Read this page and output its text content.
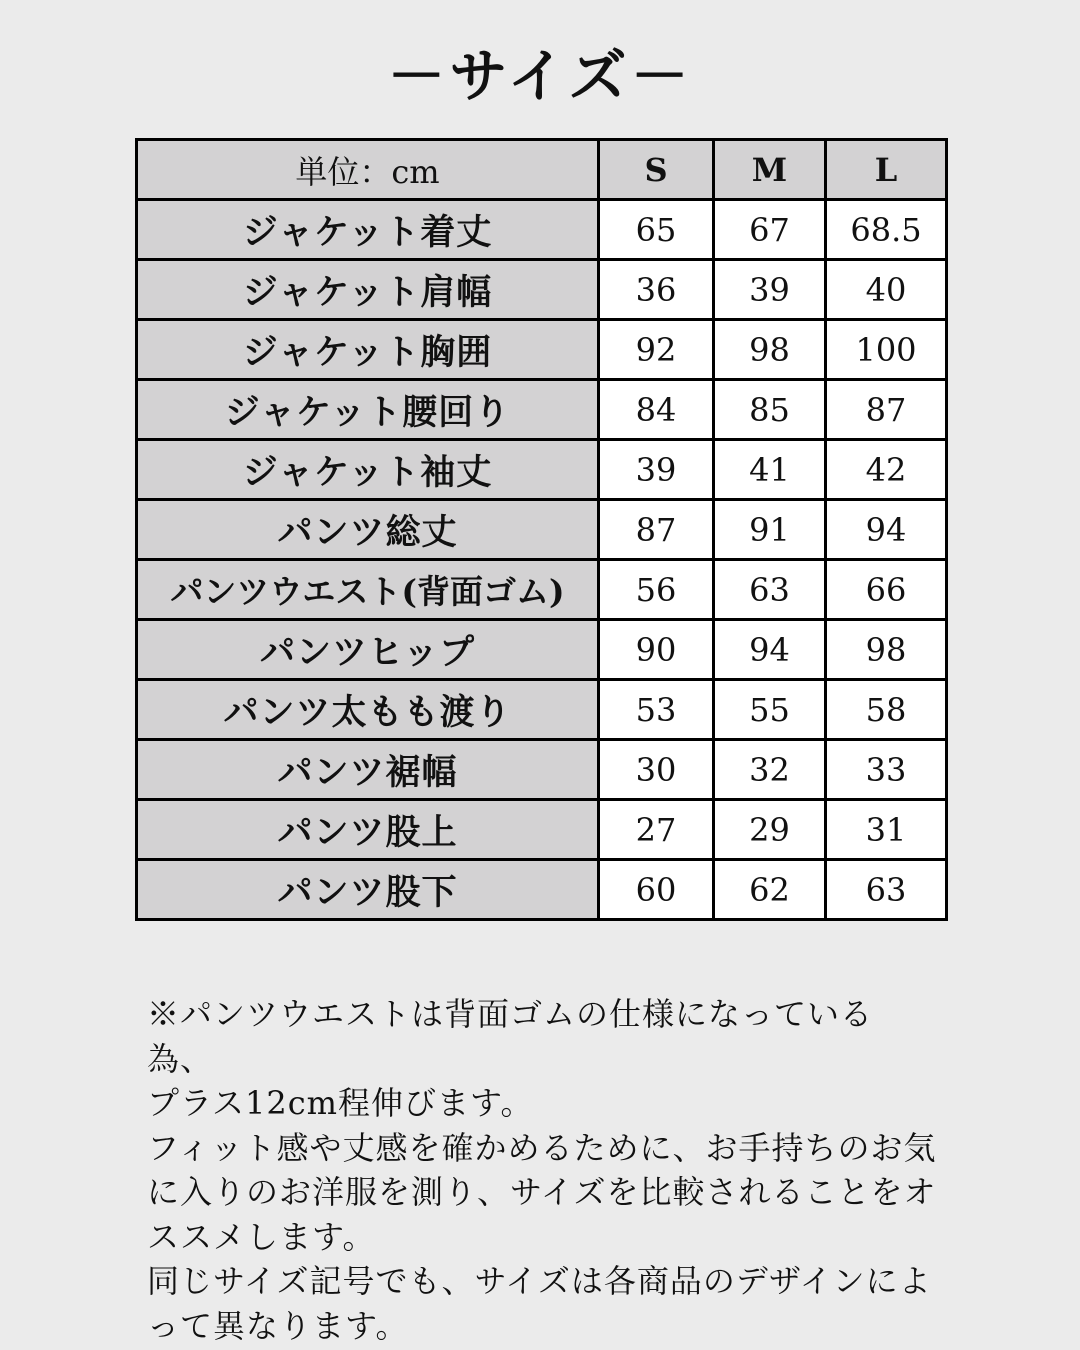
－サイズ－
単位：cm	S	M	L
ジャケット着丈	65	67	68.5
ジャケット肩幅	36	39	40
ジャケット胸囲	92	98	100
ジャケット腰回り	84	85	87
ジャケット袖丈	39	41	42
パンツ総丈	87	91	94
パンツウエスト(背面ゴム)	56	63	66
パンツヒップ	90	94	98
パンツ太もも渡り	53	55	58
パンツ裾幅	30	32	33
パンツ股上	27	29	31
パンツ股下	60	62	63

※パンツウエストは背面ゴムの仕様になっている為、

プラス12cm程伸びます。

フィット感や丈感を確かめるために、お手持ちのお気

に入りのお洋服を測り、サイズを比較されることをオ

ススメします。

同じサイズ記号でも、サイズは各商品のデザインによ

って異なります。
